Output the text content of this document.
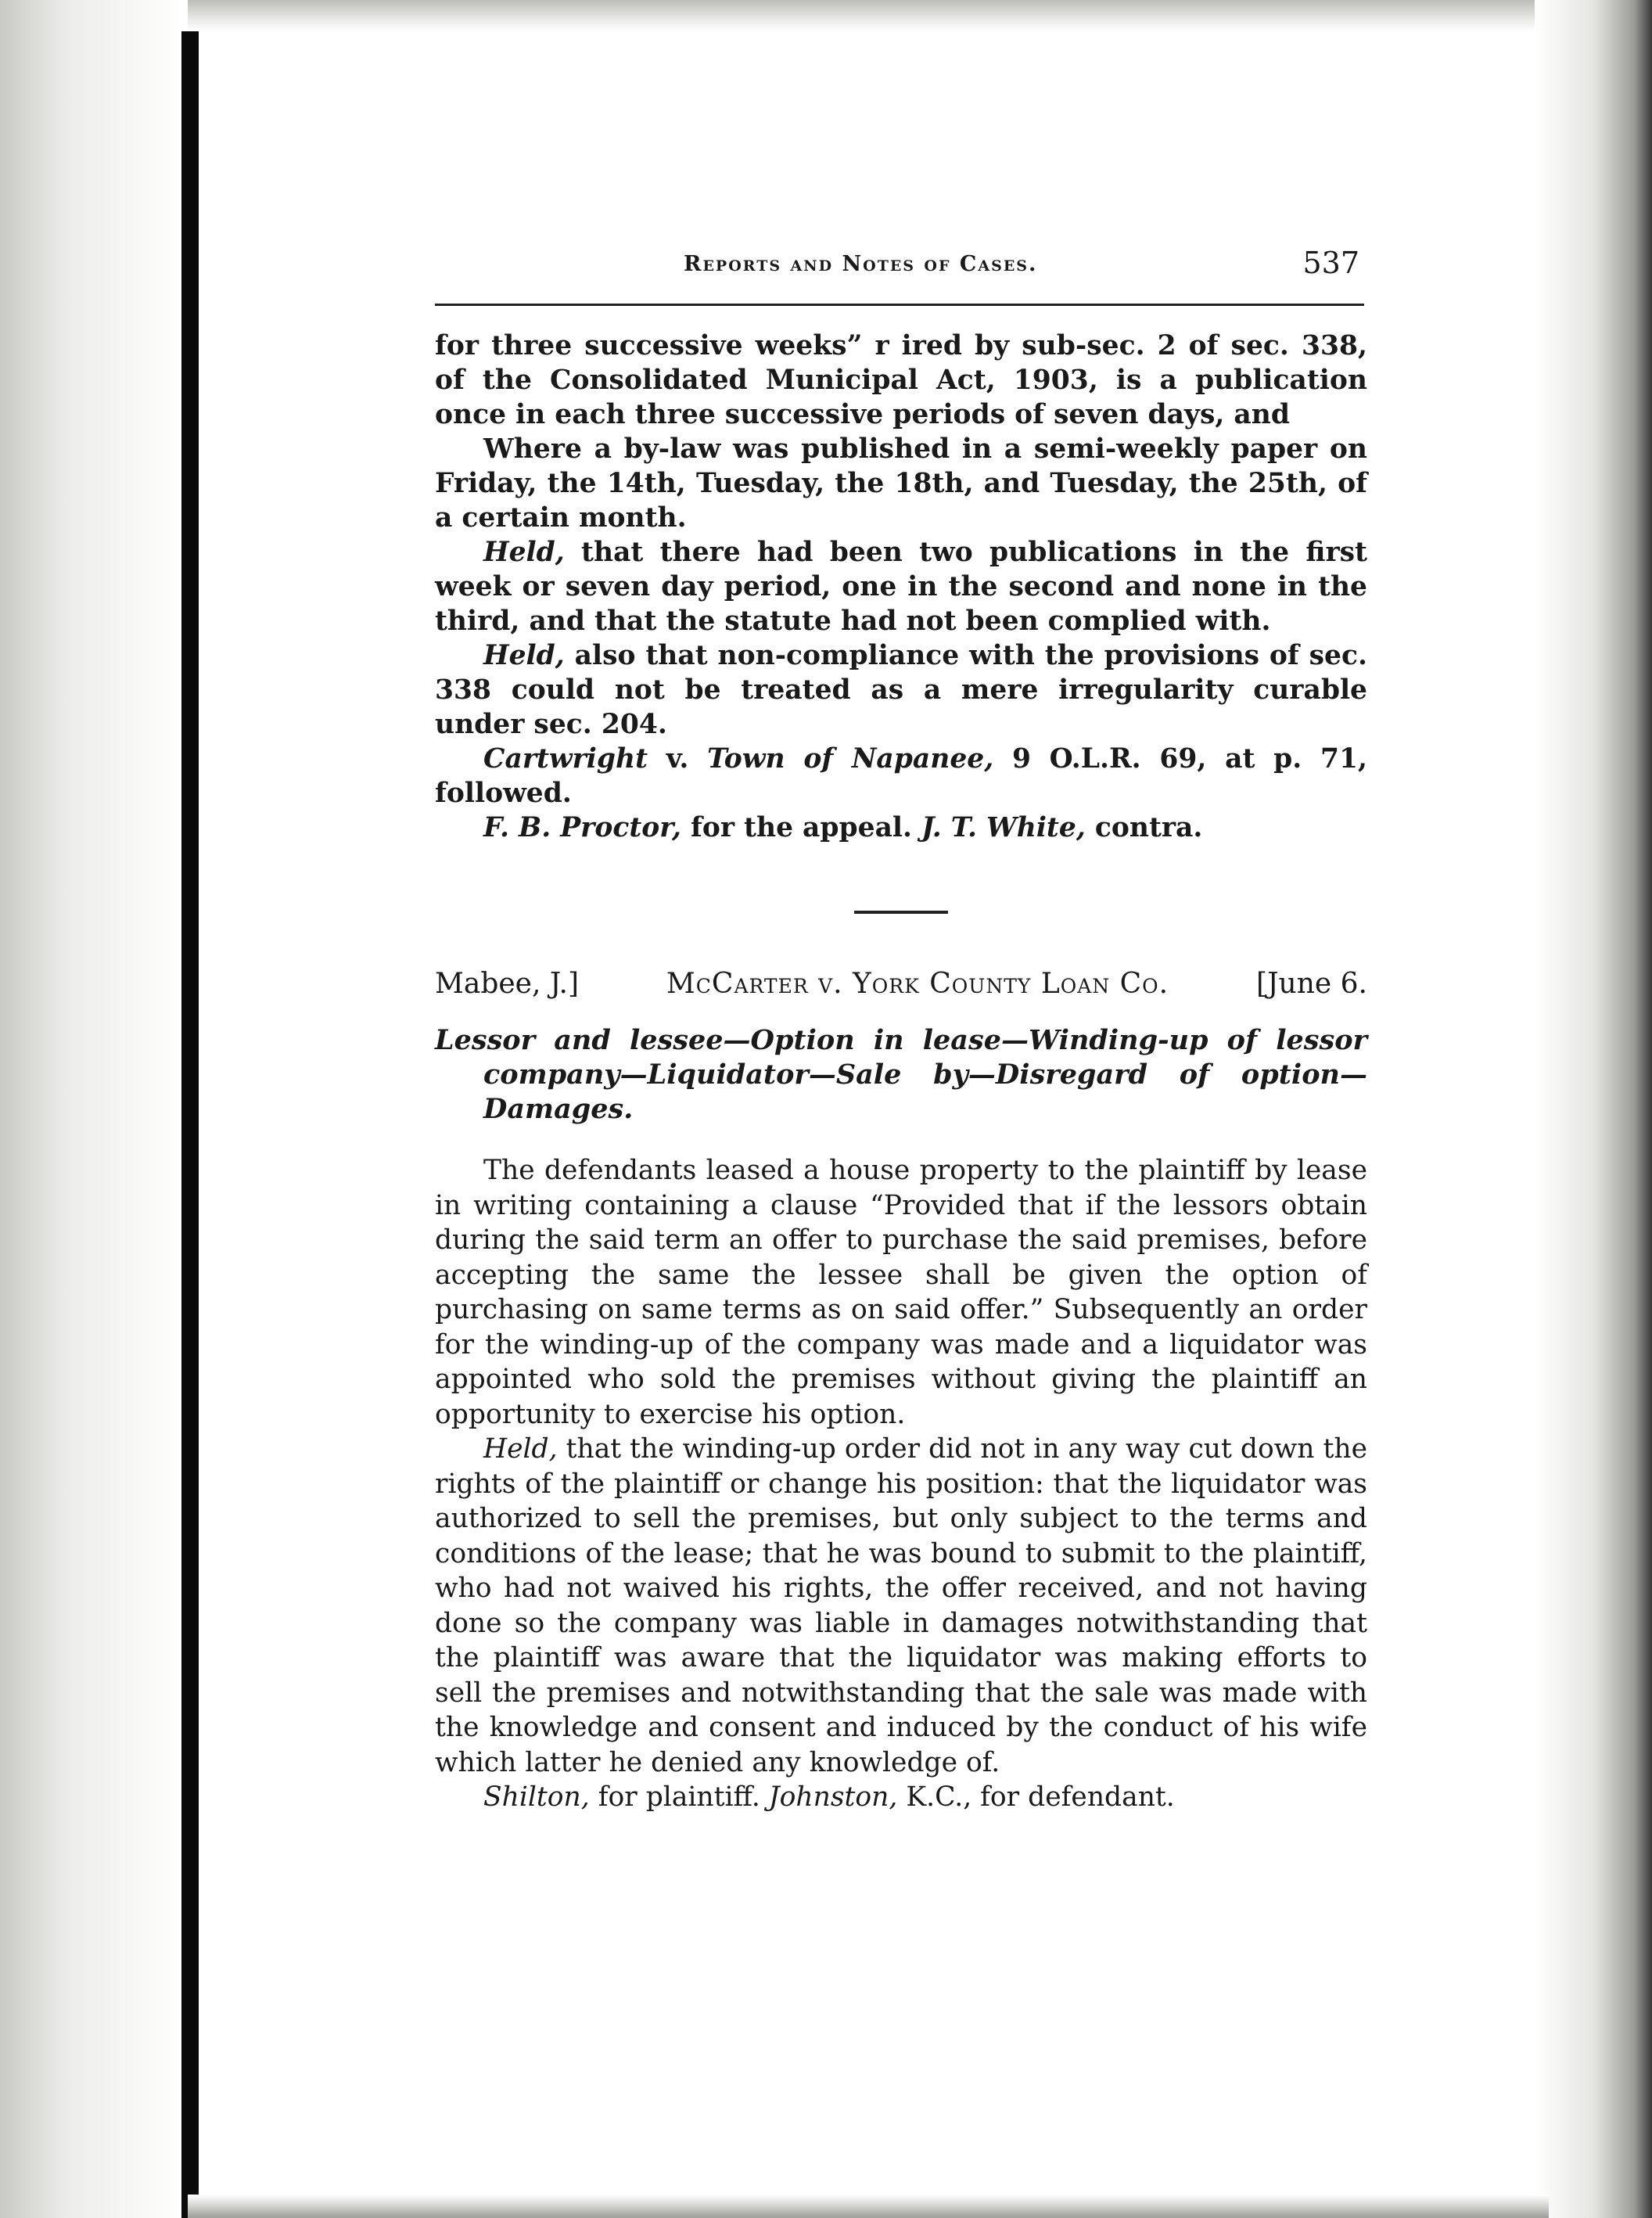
Reports and Notes of Cases.	537

for three successive weeks” r ired by sub-sec. 2 of sec. 338, of the Consolidated Municipal Act, 1903, is a publication once in each three successive periods of seven days, and

Where a by-law was published in a semi-weekly paper on Friday, the 14th, Tuesday, the 18th, and Tuesday, the 25th, of a certain month.

Held, that there had been two publications in the first week or seven day period, one in the second and none in the third, and that the statute had not been complied with.

Held, also that non-compliance with the provisions of sec. 338 could not be treated as a mere irregularity curable under sec. 204.

Cartwright v. Town of Napanee, 9 O.L.R. 69, at p. 71, followed.

F. B. Proctor, for the appeal. J. T. White, contra.

Mabee, J.]	McCarter v. York County Loan Co.	[June 6.
Lessor and lessee—Option in lease—Winding-up of lessor company—Liquidator—Sale by—Disregard of option—Damages.

The defendants leased a house property to the plaintiff by lease in writing containing a clause “Provided that if the lessors obtain during the said term an offer to purchase the said premises, before accepting the same the lessee shall be given the option of purchasing on same terms as on said offer.” Subsequently an order for the winding-up of the company was made and a liquidator was appointed who sold the premises without giving the plaintiff an opportunity to exercise his option.

Held, that the winding-up order did not in any way cut down the rights of the plaintiff or change his position: that the liquidator was authorized to sell the premises, but only subject to the terms and conditions of the lease; that he was bound to submit to the plaintiff, who had not waived his rights, the offer received, and not having done so the company was liable in damages notwithstanding that the plaintiff was aware that the liquidator was making efforts to sell the premises and notwithstanding that the sale was made with the knowledge and consent and induced by the conduct of his wife which latter he denied any knowledge of.

Shilton, for plaintiff. Johnston, K.C., for defendant.
